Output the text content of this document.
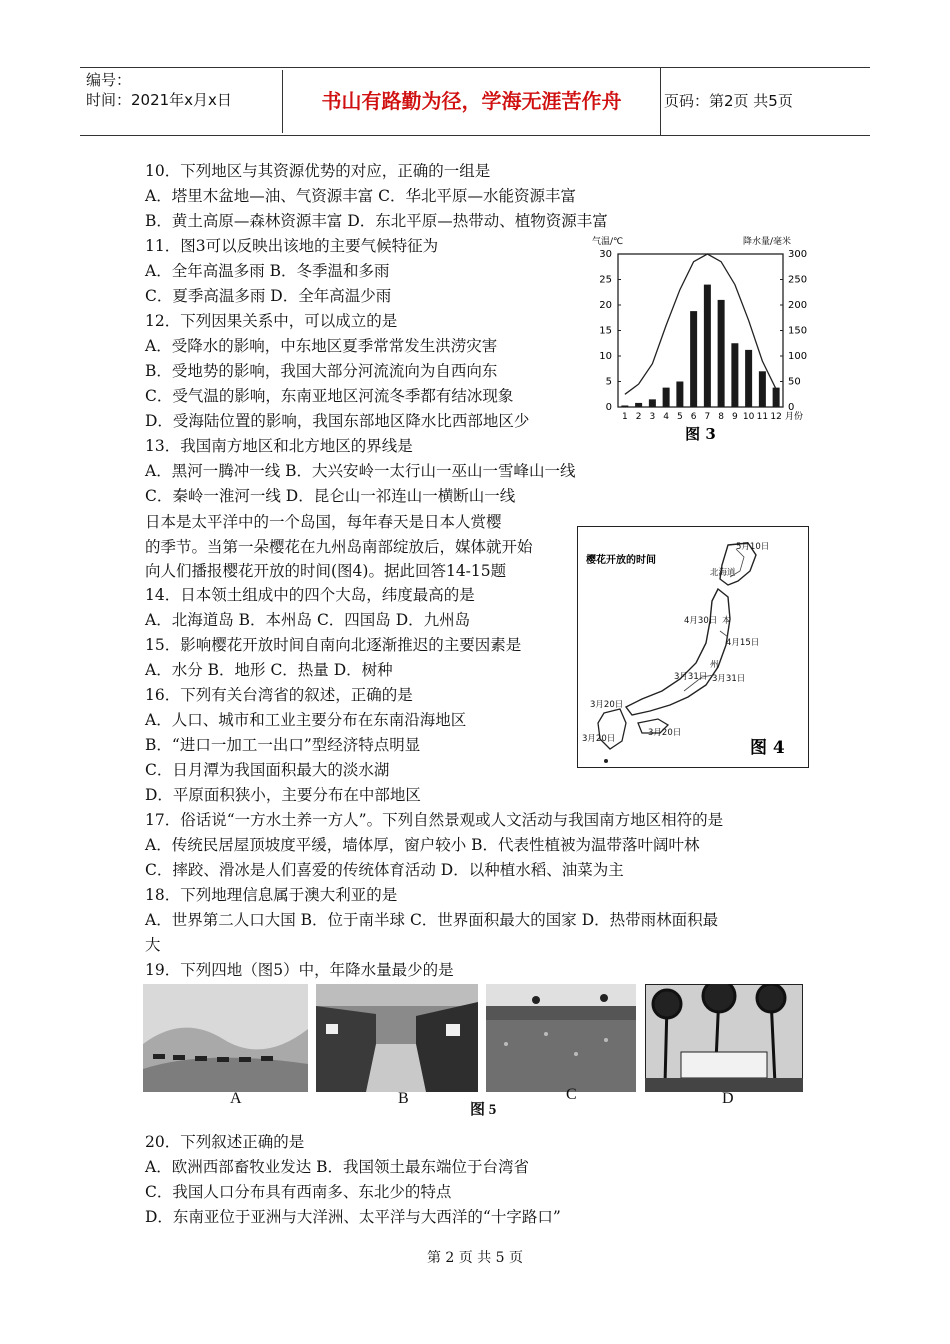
编号：
时间：2021年x月x日	书山有路勤为径，学海无涯苦作舟	页码：第2页 共5页
10．下列地区与其资源优势的对应，正确的一组是
A．塔里木盆地—油、气资源丰富 C．华北平原—水能资源丰富
B．黄土高原—森林资源丰富 D．东北平原—热带动、植物资源丰富
11．图3可以反映出该地的主要气候特征为
A．全年高温多雨 B．冬季温和多雨
C．夏季高温多雨 D．全年高温少雨
12．下列因果关系中，可以成立的是
A．受降水的影响，中东地区夏季常常发生洪涝灾害
B．受地势的影响，我国大部分河流流向为自西向东
C．受气温的影响，东南亚地区河流冬季都有结冰现象
D．受海陆位置的影响，我国东部地区降水比西部地区少
13．我国南方地区和北方地区的界线是
A．黑河一腾冲一线 B．大兴安岭一太行山一巫山一雪峰山一线
C．秦岭一淮河一线 D．昆仑山一祁连山一横断山一线
日本是太平洋中的一个岛国，每年春天是日本人赏樱
的季节。当第一朵樱花在九州岛南部绽放后，媒体就开始
向人们播报樱花开放的时间(图4)。据此回答14-15题
14．日本领土组成中的四个大岛，纬度最高的是
A．北海道岛 B．本州岛 C．四国岛 D．九州岛
15．影响樱花开放时间自南向北逐渐推迟的主要因素是
A．水分 B．地形 C．热量 D．树种
16．下列有关台湾省的叙述，正确的是
A．人口、城市和工业主要分布在东南沿海地区
B．“进口一加工一出口”型经济特点明显
C．日月潭为我国面积最大的淡水湖
D．平原面积狭小，主要分布在中部地区
17．俗话说“一方水土养一方人”。下列自然景观或人文活动与我国南方地区相符的是
A．传统民居屋顶坡度平缓，墙体厚，窗户较小 B．代表性植被为温带落叶阔叶林
C．摔跤、滑冰是人们喜爱的传统体育活动 D．以种植水稻、油菜为主
18．下列地理信息属于澳大利亚的是
A．世界第二人口大国 B．位于南半球 C．世界面积最大的国家 D．热带雨林面积最
大
19．下列四地（图5）中，年降水量最少的是
20．下列叙述正确的是
A．欧洲西部畜牧业发达 B．我国领土最东端位于台湾省
C．我国人口分布具有西南多、东北少的特点
D．东南亚位于亚洲与大洋洲、太平洋与大西洋的“十字路口”
气温/℃	降水量/毫米
30
25
20
15
10
5
0
300
250
200
150
100
50
0
1 2 3 4 5 6 7 8 9 10 11 12 月份
图 3
樱花开放的时间
5月10日
北海道
4月30日 本
4月15日
州
3月31日 3月31日
3月20日
3月20日
3月20日	图 4
A	B	C	D
图 5
第 2 页 共 5 页
